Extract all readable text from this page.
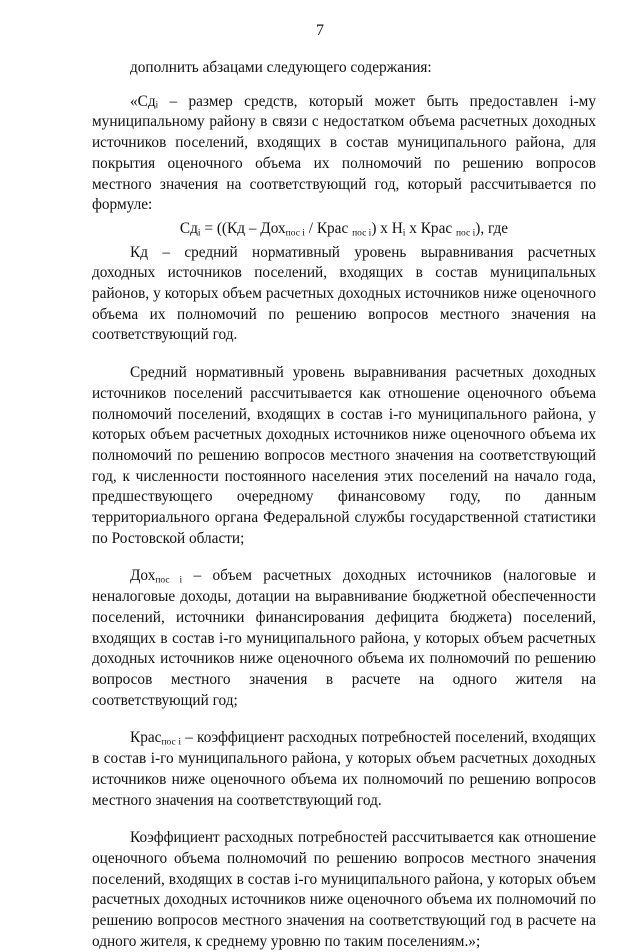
7

дополнить абзацами следующего содержания:

«Сдᵢ – размер средств, который может быть предоставлен i-му муниципальному району в связи с недостатком объема расчетных доходных источников поселений, входящих в состав муниципального района, для покрытия оценочного объема их полномочий по решению вопросов местного значения на соответствующий год, который рассчитывается по формуле:

$Сд_i = ((Кд - Дох_{пос i}$ / Крас $_{пос i}$) х $Н_i$ х Крас $_{пос i}$), где

Кд – средний нормативный уровень выравнивания расчетных доходных источников поселений, входящих в состав муниципальных районов, у которых объем расчетных доходных источников ниже оценочного объема их полномочий по решению вопросов местного значения на соответствующий год.

Средний нормативный уровень выравнивания расчетных доходных источников поселений рассчитывается как отношение оценочного объема полномочий поселений, входящих в состав i-го муниципального района, у которых объем расчетных доходных источников ниже оценочного объема их полномочий по решению вопросов местного значения на соответствующий год, к численности постоянного населения этих поселений на начало года, предшествующего очередному финансовому году, по данным территориального органа Федеральной службы государственной статистики по Ростовской области;

Дох$_{пос i}$ – объем расчетных доходных источников (налоговые и неналоговые доходы, дотации на выравнивание бюджетной обеспеченности поселений, источники финансирования дефицита бюджета) поселений, входящих в состав i-го муниципального района, у которых объем расчетных доходных источников ниже оценочного объема их полномочий по решению вопросов местного значения в расчете на одного жителя на соответствующий год;

Крас$_{пос i}$ – коэффициент расходных потребностей поселений, входящих в состав i-го муниципального района, у которых объем расчетных доходных источников ниже оценочного объема их полномочий по решению вопросов местного значения на соответствующий год.

Коэффициент расходных потребностей рассчитывается как отношение оценочного объема полномочий по решению вопросов местного значения поселений, входящих в состав i-го муниципального района, у которых объем расчетных доходных источников ниже оценочного объема их полномочий по решению вопросов местного значения на соответствующий год в расчете на одного жителя, к среднему уровню по таким поселениям.»;
